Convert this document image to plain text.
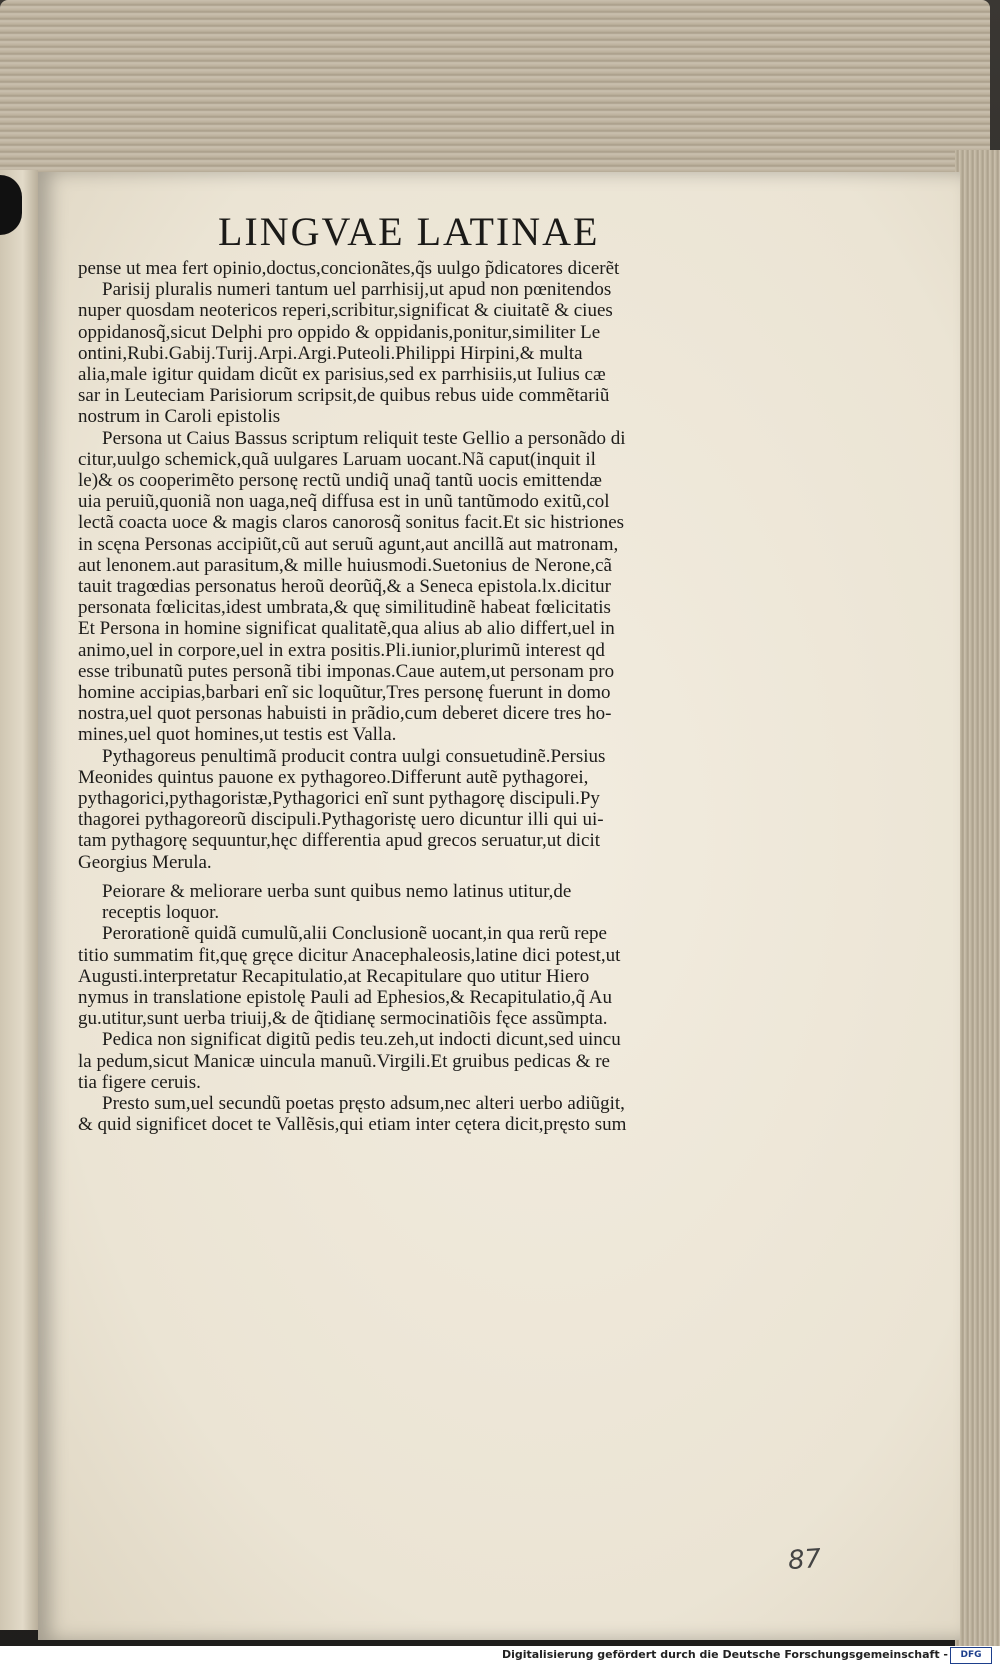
LINGVAE LATINAE
pense ut mea fert opinio,doctus,concionãtes,q̃s uulgo p̃dicatores dicerẽt
Parisij pluralis numeri tantum uel parrhisij,ut apud non pœnitendos
nuper quosdam neotericos reperi,scribitur,significat & ciuitatẽ & ciues
oppidanosq̃,sicut Delphi pro oppido & oppidanis,ponitur,similiter Le
ontini,Rubi.Gabij.Turij.Arpi.Argi.Puteoli.Philippi Hirpini,& multa
alia,male igitur quidam dicũt ex parisius,sed ex parrhisiis,ut Iulius cæ
sar in Leuteciam Parisiorum scripsit,de quibus rebus uide commẽtariũ
nostrum in Caroli epistolis
Persona ut Caius Bassus scriptum reliquit teste Gellio a personãdo di
citur,uulgo schemick,quã uulgares Laruam uocant.Nã caput(inquit il
le)& os cooperimẽto personę rectũ undiq̃ unaq̃ tantũ uocis emittendæ
uia peruiũ,quoniã non uaga,neq̃ diffusa est in unũ tantũmodo exitũ,col
lectã coacta uoce & magis claros canorosq̃ sonitus facit.Et sic histriones
in scęna Personas accipiũt,cũ aut seruũ agunt,aut ancillã aut matronam,
aut lenonem.aut parasitum,& mille huiusmodi.Suetonius de Nerone,cã
tauit tragœdias personatus heroũ deorũq̃,& a Seneca epistola.lx.dicitur
personata fœlicitas,idest umbrata,& quę similitudinẽ habeat fœlicitatis
Et Persona in homine significat qualitatẽ,qua alius ab alio differt,uel in
animo,uel in corpore,uel in extra positis.Pli.iunior,plurimũ interest qd
esse tribunatũ putes personã tibi imponas.Caue autem,ut personam pro
homine accipias,barbari enĩ sic loquũtur,Tres personę fuerunt in domo
nostra,uel quot personas habuisti in prãdio,cum deberet dicere tres ho-
mines,uel quot homines,ut testis est Valla.
Pythagoreus penultimã producit contra uulgi consuetudinẽ.Persius
Meonides quintus pauone ex pythagoreo.Differunt autẽ pythagorei,
pythagorici,pythagoristæ,Pythagorici enĩ sunt pythagorę discipuli.Py
thagorei pythagoreorũ discipuli.Pythagoristę uero dicuntur illi qui ui-
tam pythagorę sequuntur,hęc differentia apud grecos seruatur,ut dicit
Georgius Merula.
Peiorare & meliorare uerba sunt quibus nemo latinus utitur,de
receptis loquor.
Perorationẽ quidã cumulũ,alii Conclusionẽ uocant,in qua rerũ repe
titio summatim fit,quę gręce dicitur Anacephaleosis,latine dici potest,ut
Augusti.interpretatur Recapitulatio,at Recapitulare quo utitur Hiero
nymus in translatione epistolę Pauli ad Ephesios,& Recapitulatio,q̃ Au
gu.utitur,sunt uerba triuij,& de q̃tidianę sermocinatiõis fęce assũmpta.
Pedica non significat digitũ pedis teu.zeh,ut indocti dicunt,sed uincu
la pedum,sicut Manicæ uincula manuũ.Virgili.Et gruibus pedicas & re
tia figere ceruis.
Presto sum,uel secundũ poetas pręsto adsum,nec alteri uerbo adiũgit,
& quid significet docet te Vallẽsis,qui etiam inter cętera dicit,pręsto sum
87
Digitalisierung gefördert durch die Deutsche Forschungsgemeinschaft -	DFG
